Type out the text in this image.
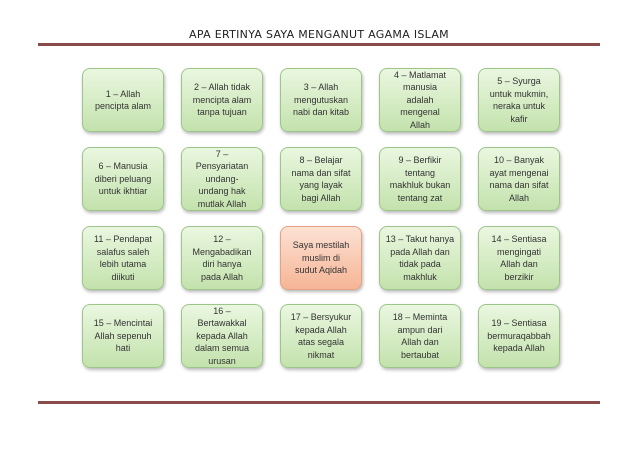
APA ERTINYA SAYA MENGANUT AGAMA ISLAM
1 – Allah
pencipta alam
2 – Allah tidak
mencipta alam
tanpa tujuan
3 – Allah
mengutuskan
nabi dan kitab
4 – Matlamat
manusia
adalah
mengenal
Allah
5 – Syurga
untuk mukmin,
neraka untuk
kafir
6 – Manusia
diberi peluang
untuk ikhtiar
7 –
Pensyariatan
undang-
undang hak
mutlak Allah
8 – Belajar
nama dan sifat
yang layak
bagi Allah
9 – Berfikir
tentang
makhluk bukan
tentang zat
10 – Banyak
ayat mengenai
nama dan sifat
Allah
11 – Pendapat
salafus saleh
lebih utama
diikuti
12 –
Mengabadikan
diri hanya
pada Allah
Saya mestilah
muslim di
sudut Aqidah
13 – Takut hanya
pada Allah dan
tidak pada
makhluk
14 – Sentiasa
mengingati
Allah dan
berzikir
15 – Mencintai
Allah sepenuh
hati
16 –
Bertawakkal
kepada Allah
dalam semua
urusan
17 – Bersyukur
kepada Allah
atas segala
nikmat
18 – Meminta
ampun dari
Allah dan
bertaubat
19 – Sentiasa
bermuraqabbah
kepada Allah
